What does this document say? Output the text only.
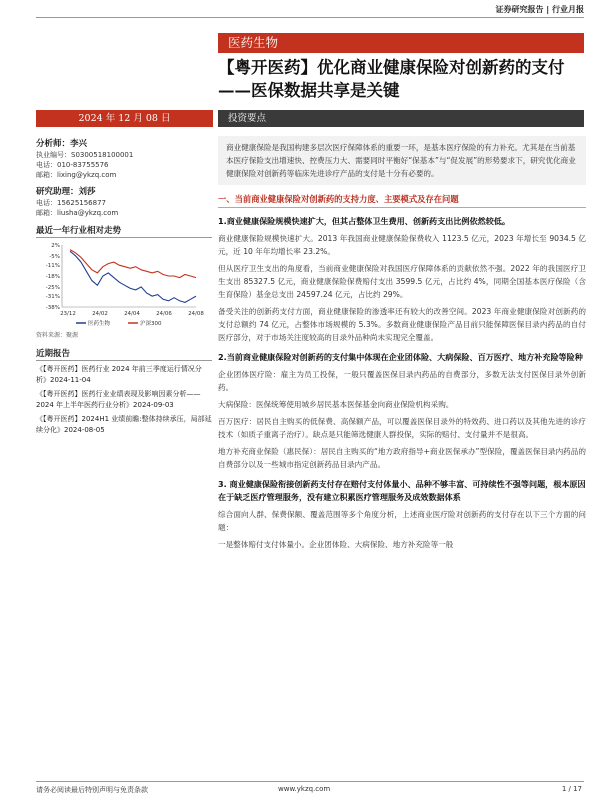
证券研究报告 | 行业月报
医药生物
【粤开医药】优化商业健康保险对创新药的支付——医保数据共享是关键
2024 年 12 月 08 日	投资要点
分析师：李兴
执业编号：S0300518100001
电话：010-83755576
邮箱：lixing@ykzq.com
研究助理：刘莎
电话：15625156877
邮箱：liusha@ykzq.com
最近一年行业相对走势
2%
-5%
-11%
-18%
-25%
-31%
-38%
23/12	24/02	24/04	24/06	24/08
医药生物	沪深300
资料来源：聚源
近期报告

《【粤开医药】医药行业 2024 年前三季度运行情况分析》2024-11-04

《【粤开医药】医药行业业绩表现及影响因素分析——2024 年上半年医药行业分析》2024-09-03

《【粤开医药】2024H1 业绩前瞻:整体持续承压，局部延续分化》2024-08-05

商业健康保险是我国构建多层次医疗保障体系的重要一环，是基本医疗保险的有力补充。尤其是在当前基本医疗保险支出增速快、控费压力大、需要同时平衡好“保基本”与“促发展”的形势要求下，研究优化商业健康保险对创新药等临床先进诊疗产品的支付是十分有必要的。
一、当前商业健康保险对创新药的支持力度、主要模式及存在问题
1.商业健康保险规模快速扩大，但其占整体卫生费用、创新药支出比例依然较低。
商业健康保险规模快速扩大。2013 年我国商业健康保险保费收入 1123.5 亿元，2023 年增长至 9034.5 亿元，近 10 年年均增长率 23.2%。
但从医疗卫生支出的角度看，当前商业健康保险对我国医疗保障体系的贡献依然不强。2022 年的我国医疗卫生支出 85327.5 亿元，商业健康保险保费赔付支出 3599.5 亿元，占比约 4%，同期全国基本医疗保险（含生育保险）基金总支出 24597.24 亿元，占比约 29%。
备受关注的创新药支付方面，商业健康保险的渗透率还有较大的改善空间。2023 年商业健康保险对创新药的支付总额约 74 亿元，占整体市场规模的 5.3%。多数商业健康保险产品目前只能保障医保目录内药品的自付医疗部分，对于市场关注度较高的目录外品种尚未实现完全覆盖。
2.当前商业健康保险对创新药的支付集中体现在企业团体险、大病保险、百万医疗、地方补充险等险种
企业团体医疗险：雇主为员工投保，一般只覆盖医保目录内药品的自费部分，多数无法支付医保目录外创新药。
大病保险：医保统筹使用城乡居民基本医保基金向商业保险机构采购。
百万医疗：居民自主购买的低保费、高保额产品，可以覆盖医保目录外的特效药、进口药以及其他先进的诊疗技术（如质子重离子治疗）。缺点是只能筛选健康人群投保，实际的赔付、支付量并不是很高。
地方补充商业保险（惠民保）：居民自主购买的“地方政府指导+商业医保承办”型保险，覆盖医保目录内药品的自费部分以及一些城市指定创新药品目录内产品。
3. 商业健康保险衔接创新药支付存在赔付支付体量小、品种不够丰富、可持续性不强等问题，根本原因在于缺乏医疗管理服务，没有建立积累医疗管理服务及成效数据体系
综合面向人群、保费保额、覆盖范围等多个角度分析，上述商业医疗险对创新药的支付存在以下三个方面的问题：
一是整体赔付支付体量小。企业团体险、大病保险、地方补充险等一般
请务必阅读最后特别声明与免责条款	www.ykzq.com	1 / 17
